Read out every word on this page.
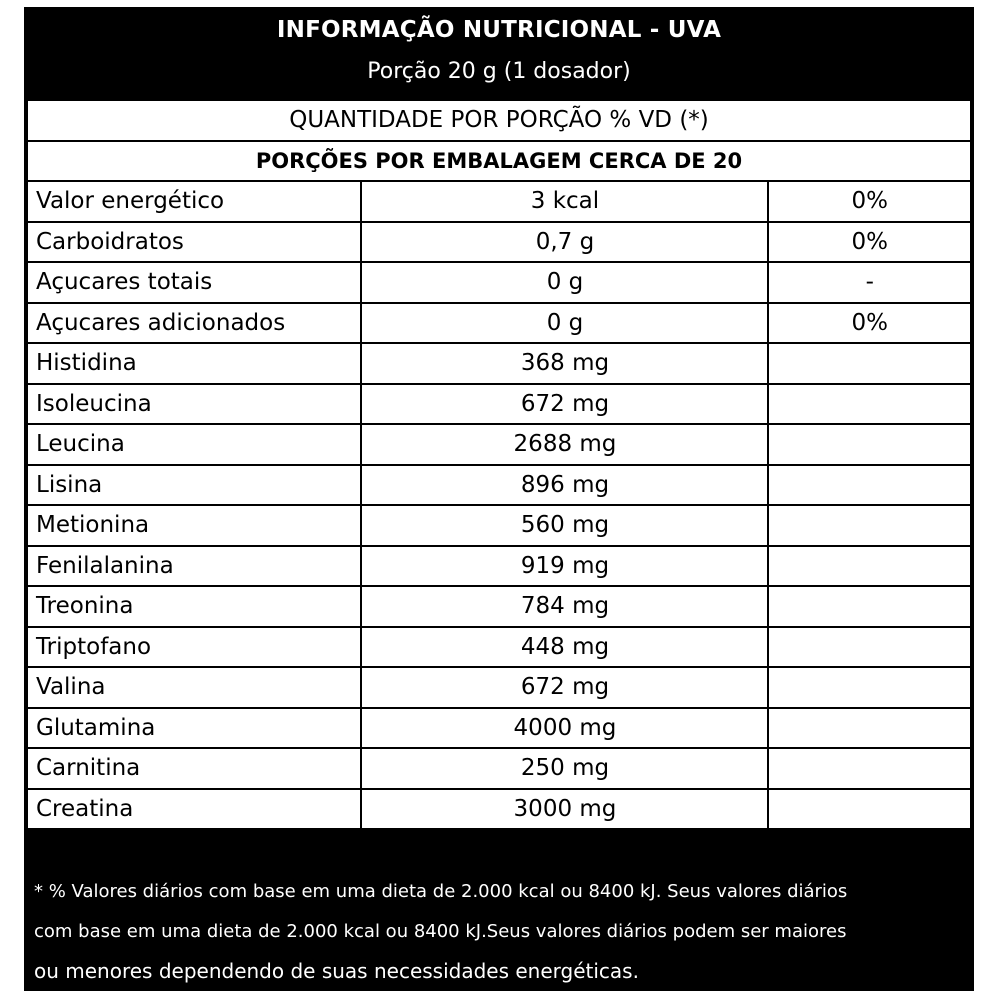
INFORMAÇÃO NUTRICIONAL - UVA
Porção 20 g (1 dosador)
QUANTIDADE POR PORÇÃO % VD (*)		
PORÇÕES POR EMBALAGEM CERCA DE 20		
Valor energético	3 kcal	0%
Carboidratos	0,7 g	0%
Açucares totais	0 g	-
Açucares adicionados	0 g	0%
Histidina	368 mg	
Isoleucina	672 mg	
Leucina	2688 mg	
Lisina	896 mg	
Metionina	560 mg	
Fenilalanina	919 mg	
Treonina	784 mg	
Triptofano	448 mg	
Valina	672 mg	
Glutamina	4000 mg	
Carnitina	250 mg	
Creatina	3000 mg	
* % Valores diários com base em uma dieta de 2.000 kcal ou 8400 kJ. Seus valores diários
com base em uma dieta de 2.000 kcal ou 8400 kJ.Seus valores diários podem ser maiores
ou menores dependendo de suas necessidades energéticas.
